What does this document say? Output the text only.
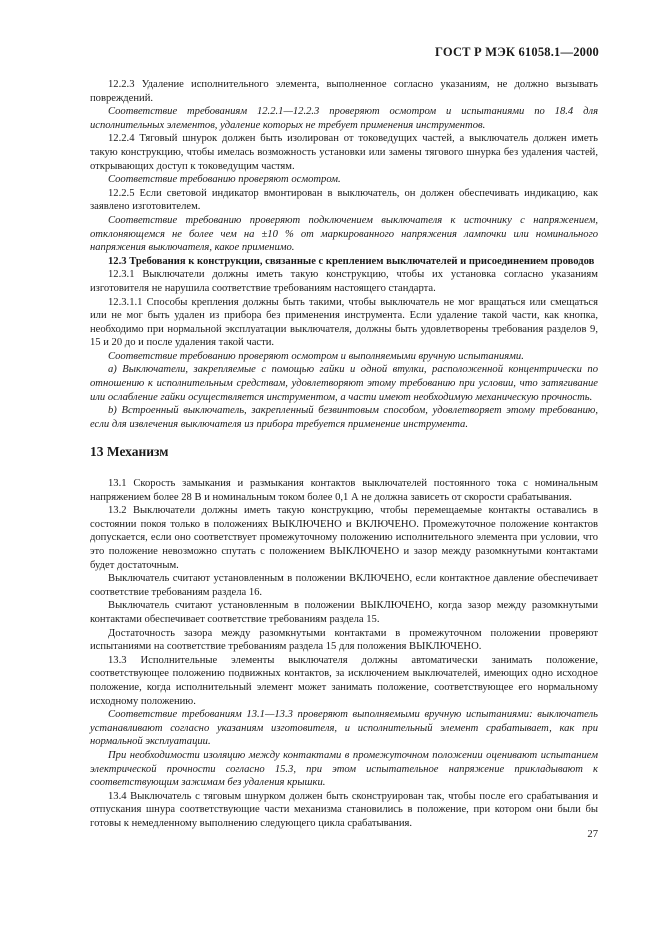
ГОСТ Р МЭК 61058.1—2000

12.2.3 Удаление исполнительного элемента, выполненное согласно указаниям, не должно вызывать повреждений.

Соответствие требованиям 12.2.1—12.2.3 проверяют осмотром и испытаниями по 18.4 для исполнительных элементов, удаление которых не требует применения инструментов.

12.2.4 Тяговый шнурок должен быть изолирован от токоведущих частей, а выключатель должен иметь такую конструкцию, чтобы имелась возможность установки или замены тягового шнурка без удаления частей, открывающих доступ к токоведущим частям.

Соответствие требованию проверяют осмотром.

12.2.5 Если световой индикатор вмонтирован в выключатель, он должен обеспечивать индикацию, как заявлено изготовителем.

Соответствие требованию проверяют подключением выключателя к источнику с напряжением, отклоняющемся не более чем на ±10 % от маркированного напряжения лампочки или номинального напряжения выключателя, какое применимо.

12.3 Требования к конструкции, связанные с креплением выключателей и присоединением проводов

12.3.1 Выключатели должны иметь такую конструкцию, чтобы их установка согласно указаниям изготовителя не нарушила соответствие требованиям настоящего стандарта.

12.3.1.1 Способы крепления должны быть такими, чтобы выключатель не мог вращаться или смещаться или не мог быть удален из прибора без применения инструмента. Если удаление такой части, как кнопка, необходимо при нормальной эксплуатации выключателя, должны быть удовлетворены требования разделов 9, 15 и 20 до и после удаления такой части.

Соответствие требованию проверяют осмотром и выполняемыми вручную испытаниями.

a) Выключатели, закрепляемые с помощью гайки и одной втулки, расположенной концентрически по отношению к исполнительным средствам, удовлетворяют этому требованию при условии, что затягивание или ослабление гайки осуществляется инструментом, а части имеют необходимую механическую прочность.

b) Встроенный выключатель, закрепленный безвинтовым способом, удовлетворяет этому требованию, если для извлечения выключателя из прибора требуется применение инструмента.

13 Механизм

13.1 Скорость замыкания и размыкания контактов выключателей постоянного тока с номинальным напряжением более 28 В и номинальным током более 0,1 А не должна зависеть от скорости срабатывания.

13.2 Выключатели должны иметь такую конструкцию, чтобы перемещаемые контакты оставались в состоянии покоя только в положениях ВЫКЛЮЧЕНО и ВКЛЮЧЕНО. Промежуточное положение контактов допускается, если оно соответствует промежуточному положению исполнительного элемента при условии, что это положение невозможно спутать с положением ВЫКЛЮЧЕНО и зазор между разомкнутыми контактами будет достаточным.

Выключатель считают установленным в положении ВКЛЮЧЕНО, если контактное давление обеспечивает соответствие требованиям раздела 16.

Выключатель считают установленным в положении ВЫКЛЮЧЕНО, когда зазор между разомкнутыми контактами обеспечивает соответствие требованиям раздела 15.

Достаточность зазора между разомкнутыми контактами в промежуточном положении проверяют испытаниями на соответствие требованиям раздела 15 для положения ВЫКЛЮЧЕНО.

13.3 Исполнительные элементы выключателя должны автоматически занимать положение, соответствующее положению подвижных контактов, за исключением выключателей, имеющих одно исходное положение, когда исполнительный элемент может занимать положение, соответствующее его нормальному исходному положению.

Соответствие требованиям 13.1—13.3 проверяют выполняемыми вручную испытаниями: выключатель устанавливают согласно указаниям изготовителя, и исполнительный элемент срабатывает, как при нормальной эксплуатации.

При необходимости изоляцию между контактами в промежуточном положении оценивают испытанием электрической прочности согласно 15.3, при этом испытательное напряжение прикладывают к соответствующим зажимам без удаления крышки.

13.4 Выключатель с тяговым шнурком должен быть сконструирован так, чтобы после его срабатывания и отпускания шнура соответствующие части механизма становились в положение, при котором они были бы готовы к немедленному выполнению следующего цикла срабатывания.

27
